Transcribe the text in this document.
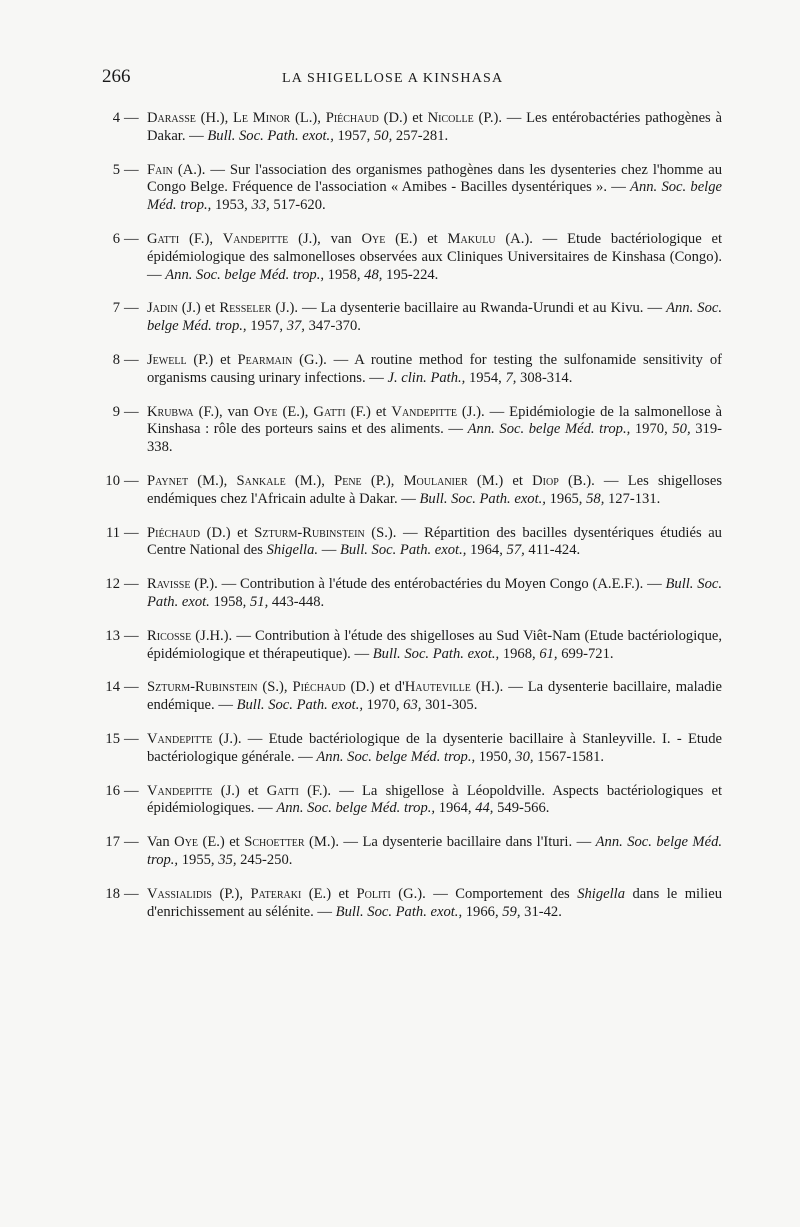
266	LA SHIGELLOSE A KINSHASA
4 — Darasse (H.), Le Minor (L.), Piéchaud (D.) et Nicolle (P.). — Les entérobactéries pathogènes à Dakar. — Bull. Soc. Path. exot., 1957, 50, 257-281.
5 — Fain (A.). — Sur l'association des organismes pathogènes dans les dysenteries chez l'homme au Congo Belge. Fréquence de l'association « Amibes - Bacilles dysentériques ». — Ann. Soc. belge Méd. trop., 1953, 33, 517-620.
6 — Gatti (F.), Vandepitte (J.), van Oye (E.) et Makulu (A.). — Etude bactériologique et épidémiologique des salmonelloses observées aux Cliniques Universitaires de Kinshasa (Congo). — Ann. Soc. belge Méd. trop., 1958, 48, 195-224.
7 — Jadin (J.) et Resseler (J.). — La dysenterie bacillaire au Rwanda-Urundi et au Kivu. — Ann. Soc. belge Méd. trop., 1957, 37, 347-370.
8 — Jewell (P.) et Pearmain (G.). — A routine method for testing the sulfonamide sensitivity of organisms causing urinary infections. — J. clin. Path., 1954, 7, 308-314.
9 — Krubwa (F.), van Oye (E.), Gatti (F.) et Vandepitte (J.). — Epidémiologie de la salmonellose à Kinshasa : rôle des porteurs sains et des aliments. — Ann. Soc. belge Méd. trop., 1970, 50, 319-338.
10 — Paynet (M.), Sankale (M.), Pene (P.), Moulanier (M.) et Diop (B.). — Les shigelloses endémiques chez l'Africain adulte à Dakar. — Bull. Soc. Path. exot., 1965, 58, 127-131.
11 — Piéchaud (D.) et Szturm-Rubinstein (S.). — Répartition des bacilles dysentériques étudiés au Centre National des Shigella. — Bull. Soc. Path. exot., 1964, 57, 411-424.
12 — Ravisse (P.). — Contribution à l'étude des entérobactéries du Moyen Congo (A.E.F.). — Bull. Soc. Path. exot. 1958, 51, 443-448.
13 — Ricosse (J.H.). — Contribution à l'étude des shigelloses au Sud Viêt-Nam (Etude bactériologique, épidémiologique et thérapeutique). — Bull. Soc. Path. exot., 1968, 61, 699-721.
14 — Szturm-Rubinstein (S.), Piéchaud (D.) et d'Hauteville (H.). — La dysenterie bacillaire, maladie endémique. — Bull. Soc. Path. exot., 1970, 63, 301-305.
15 — Vandepitte (J.). — Etude bactériologique de la dysenterie bacillaire à Stanleyville. I. - Etude bactériologique générale. — Ann. Soc. belge Méd. trop., 1950, 30, 1567-1581.
16 — Vandepitte (J.) et Gatti (F.). — La shigellose à Léopoldville. Aspects bactériologiques et épidémiologiques. — Ann. Soc. belge Méd. trop., 1964, 44, 549-566.
17 — Van Oye (E.) et Schoetter (M.). — La dysenterie bacillaire dans l'Ituri. — Ann. Soc. belge Méd. trop., 1955, 35, 245-250.
18 — Vassialidis (P.), Pateraki (E.) et Politi (G.). — Comportement des Shigella dans le milieu d'enrichissement au sélénite. — Bull. Soc. Path. exot., 1966, 59, 31-42.
